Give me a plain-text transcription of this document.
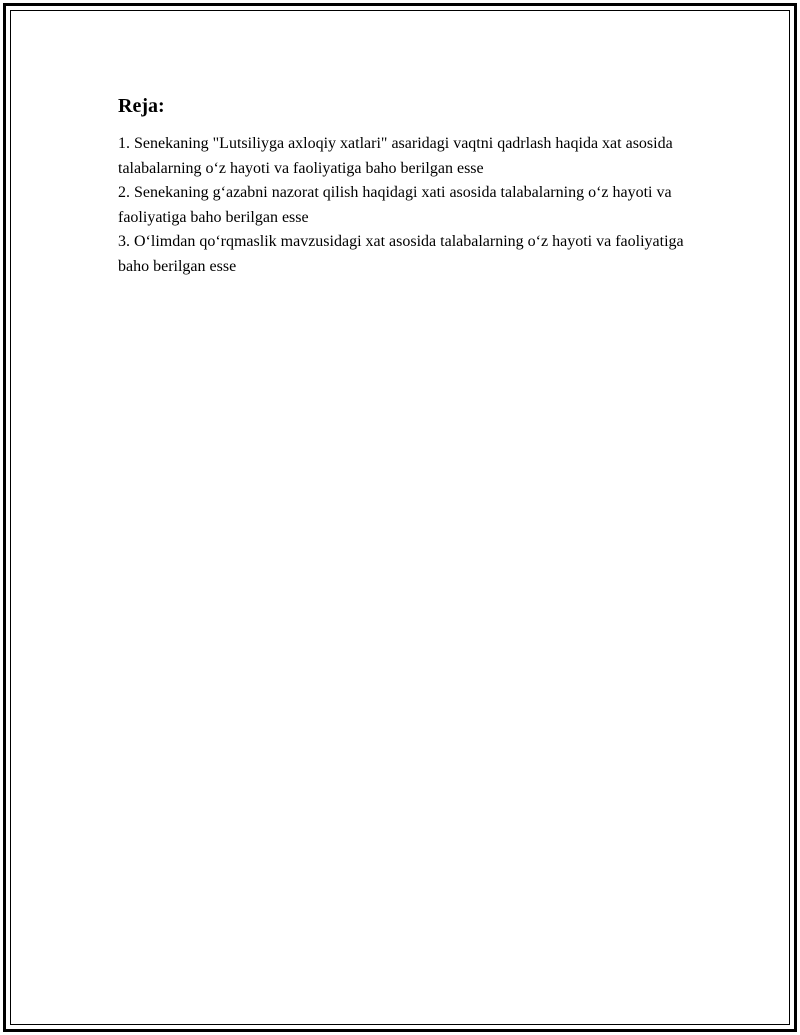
Reja:
1. Senekaning "Lutsiliyga axloqiy xatlari" asaridagi vaqtni qadrlash haqida xat asosida talabalarning o‘z hayoti va faoliyatiga baho berilgan esse
2. Senekaning g‘azabni nazorat qilish haqidagi xati asosida talabalarning o‘z hayoti va faoliyatiga baho berilgan esse
3. O‘limdan qo‘rqmaslik mavzusidagi xat asosida talabalarning o‘z hayoti va faoliyatiga baho berilgan esse
